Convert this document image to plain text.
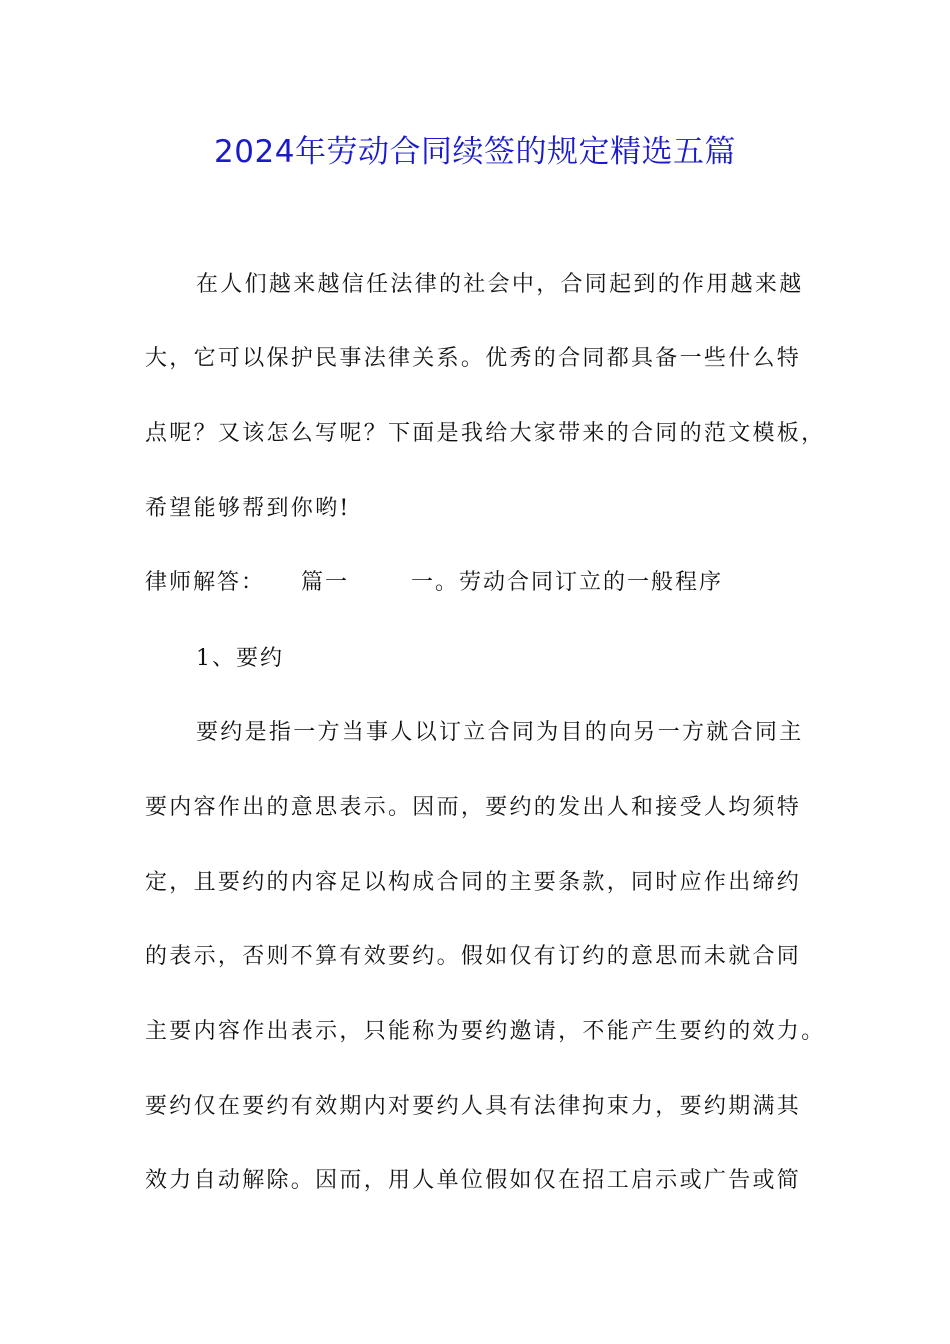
2024年劳动合同续签的规定精选五篇
在人们越来越信任法律的社会中，合同起到的作用越来越
大，它可以保护民事法律关系。优秀的合同都具备一些什么特
点呢？又该怎么写呢？下面是我给大家带来的合同的范文模板，
希望能够帮到你哟!
律师解答： 篇一	一。劳动合同订立的一般程序
1、要约
要约是指一方当事人以订立合同为目的向另一方就合同主
要内容作出的意思表示。因而，要约的发出人和接受人均须特
定，且要约的内容足以构成合同的主要条款，同时应作出缔约
的表示，否则不算有效要约。假如仅有订约的意思而未就合同
主要内容作出表示，只能称为要约邀请，不能产生要约的效力。
要约仅在要约有效期内对要约人具有法律拘束力，要约期满其
效力自动解除。因而，用人单位假如仅在招工启示或广告或简
